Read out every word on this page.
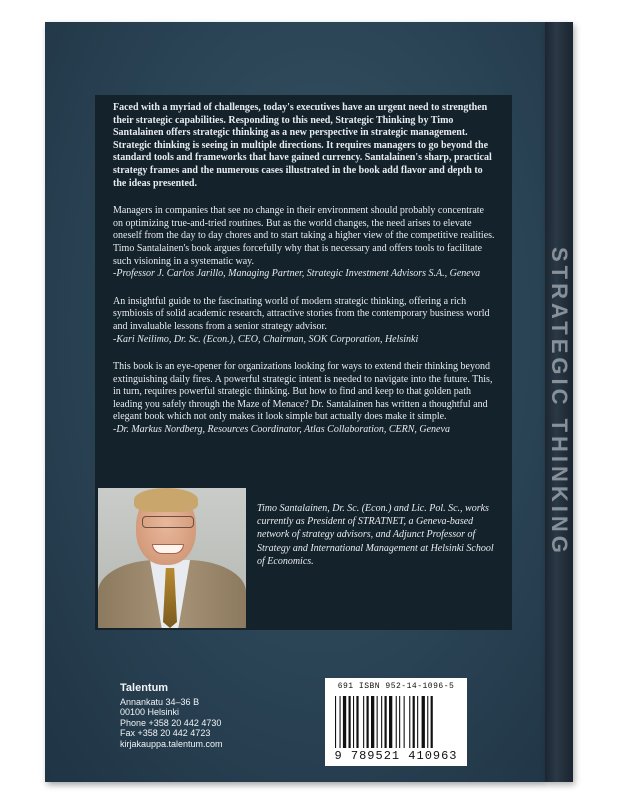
STRATEGIC THINKING

Faced with a myriad of challenges, today's executives have an urgent need to strengthen their strategic capabilities. Responding to this need, Strategic Thinking by Timo Santalainen offers strategic thinking as a new perspective in strategic management. Strategic thinking is seeing in multiple directions. It requires managers to go beyond the standard tools and frameworks that have gained currency. Santalainen's sharp, practical strategy frames and the numerous cases illustrated in the book add flavor and depth to the ideas presented.

Managers in companies that see no change in their environment should probably concentrate on optimizing true-and-tried routines. But as the world changes, the need arises to elevate oneself from the day to day chores and to start taking a higher view of the competitive realities. Timo Santalainen's book argues forcefully why that is necessary and offers tools to facilitate such visioning in a systematic way.
-Professor J. Carlos Jarillo, Managing Partner, Strategic Investment Advisors S.A., Geneva

An insightful guide to the fascinating world of modern strategic thinking, offering a rich symbiosis of solid academic research, attractive stories from the contemporary business world and invaluable lessons from a senior strategy advisor.
-Kari Neilimo, Dr. Sc. (Econ.), CEO, Chairman, SOK Corporation, Helsinki

This book is an eye-opener for organizations looking for ways to extend their thinking beyond extinguishing daily fires. A powerful strategic intent is needed to navigate into the future. This, in turn, requires powerful strategic thinking. But how to find and keep to that golden path leading you safely through the Maze of Menace? Dr. Santalainen has written a thoughtful and elegant book which not only makes it look simple but actually does make it simple.
-Dr. Markus Nordberg, Resources Coordinator, Atlas Collaboration, CERN, Geneva

Timo Santalainen, Dr. Sc. (Econ.) and Lic. Pol. Sc., works currently as President of STRATNET, a Geneva-based network of strategy advisors, and Adjunct Professor of Strategy and International Management at Helsinki School of Economics.
Talentum
Annankatu 34–36 B
00100 Helsinki
Phone +358 20 442 4730
Fax +358 20 442 4723
kirjakauppa.talentum.com
691 ISBN 952-14-1096-5
9 789521 410963
